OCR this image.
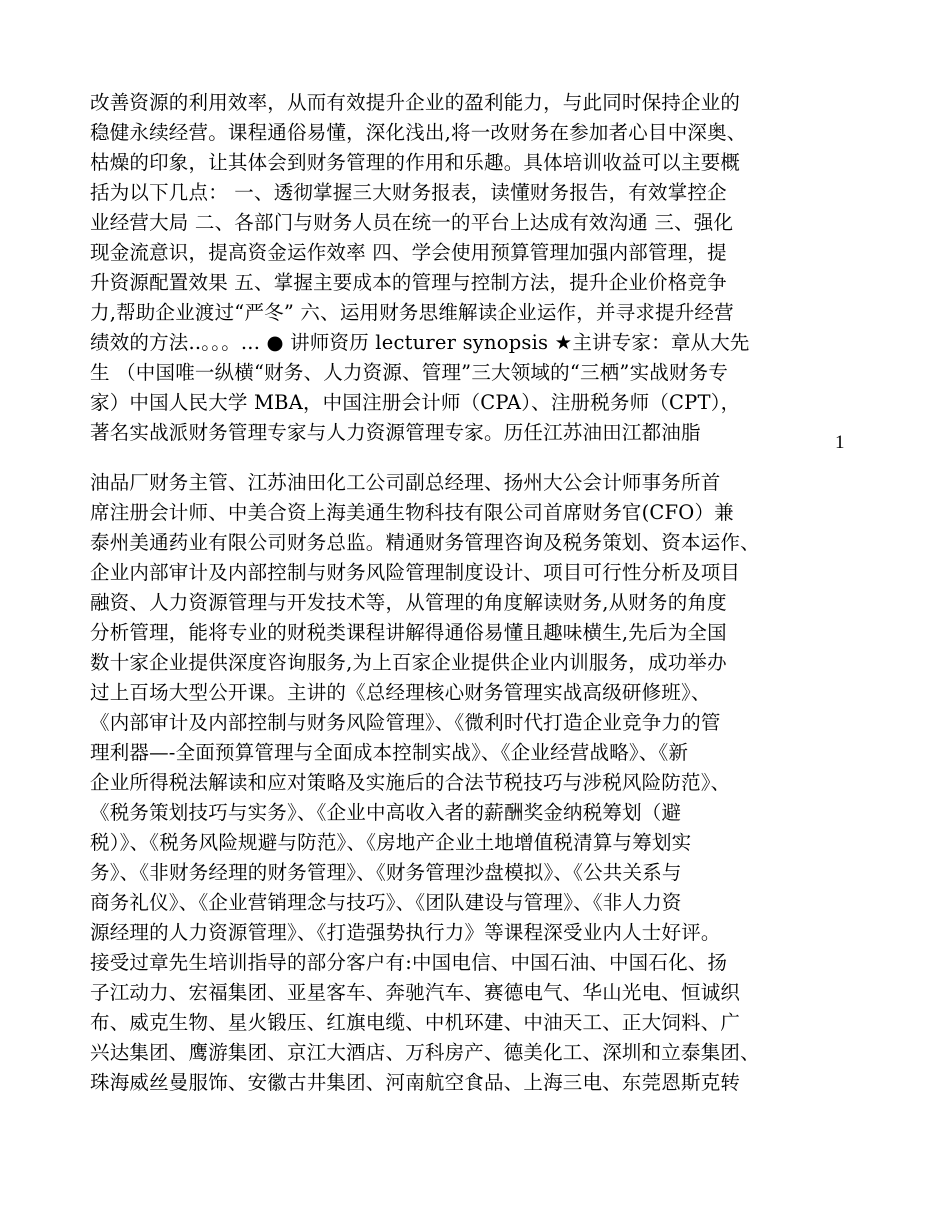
改善资源的利用效率，从而有效提升企业的盈利能力，与此同时保持企业的
稳健永续经营。课程通俗易懂，深化浅出,将一改财务在参加者心目中深奥、
枯燥的印象，让其体会到财务管理的作用和乐趣。具体培训收益可以主要概
括为以下几点： 一、透彻掌握三大财务报表，读懂财务报告，有效掌控企
业经营大局 二、各部门与财务人员在统一的平台上达成有效沟通 三、强化
现金流意识，提高资金运作效率 四、学会使用预算管理加强内部管理，提
升资源配置效果 五、掌握主要成本的管理与控制方法，提升企业价格竞争
力,帮助企业渡过“严冬” 六、运用财务思维解读企业运作，并寻求提升经营
绩效的方法..。。。... ● 讲师资历 lecturer synopsis ★主讲专家：章从大先
生 （中国唯一纵横“财务、人力资源、管理”三大领域的“三栖”实战财务专
家）中国人民大学 MBA，中国注册会计师（CPA）、注册税务师（CPT），
著名实战派财务管理专家与人力资源管理专家。历任江苏油田江都油脂	1
油品厂财务主管、江苏油田化工公司副总经理、扬州大公会计师事务所首
席注册会计师、中美合资上海美通生物科技有限公司首席财务官(CFO）兼
泰州美通药业有限公司财务总监。精通财务管理咨询及税务策划、资本运作、
企业内部审计及内部控制与财务风险管理制度设计、项目可行性分析及项目
融资、人力资源管理与开发技术等，从管理的角度解读财务,从财务的角度
分析管理，能将专业的财税类课程讲解得通俗易懂且趣味横生,先后为全国
数十家企业提供深度咨询服务,为上百家企业提供企业内训服务，成功举办
过上百场大型公开课。主讲的《总经理核心财务管理实战高级研修班》、
《内部审计及内部控制与财务风险管理》、《微利时代打造企业竞争力的管
理利器—-全面预算管理与全面成本控制实战》、《企业经营战略》、《新
企业所得税法解读和应对策略及实施后的合法节税技巧与涉税风险防范》、
《税务策划技巧与实务》、《企业中高收入者的薪酬奖金纳税筹划（避
税）》、《税务风险规避与防范》、《房地产企业土地增值税清算与筹划实
务》、《非财务经理的财务管理》、《财务管理沙盘模拟》、《公共关系与
商务礼仪》、《企业营销理念与技巧》、《团队建设与管理》、《非人力资
源经理的人力资源管理》、《打造强势执行力》等课程深受业内人士好评。
接受过章先生培训指导的部分客户有:中国电信、中国石油、中国石化、扬
子江动力、宏福集团、亚星客车、奔驰汽车、赛德电气、华山光电、恒诚织
布、威克生物、星火锻压、红旗电缆、中机环建、中油天工、正大饲料、广
兴达集团、鹰游集团、京江大酒店、万科房产、德美化工、深圳和立泰集团、
珠海威丝曼服饰、安徽古井集团、河南航空食品、上海三电、东莞恩斯克转
